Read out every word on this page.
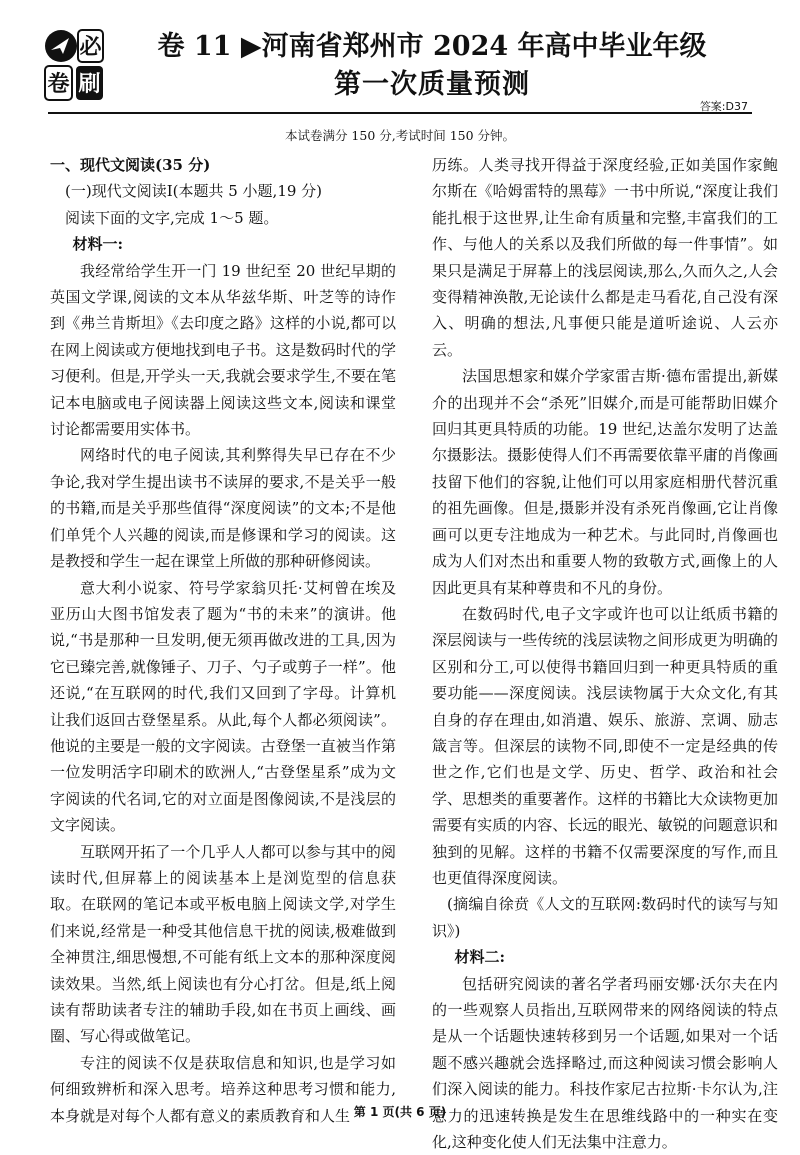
必
卷 刷
卷 11 ▶河南省郑州市 2024 年高中毕业年级
第一次质量预测
答案:D37
本试卷满分 150 分,考试时间 150 分钟。

一、现代文阅读(35 分)

(一)现代文阅读Ⅰ(本题共 5 小题,19 分)

阅读下面的文字,完成 1～5 题。

材料一:

我经常给学生开一门 19 世纪至 20 世纪早期的英国文学课,阅读的文本从华兹华斯、叶芝等的诗作到《弗兰肯斯坦》《去印度之路》这样的小说,都可以在网上阅读或方便地找到电子书。这是数码时代的学习便利。但是,开学头一天,我就会要求学生,不要在笔记本电脑或电子阅读器上阅读这些文本,阅读和课堂讨论都需要用实体书。

网络时代的电子阅读,其利弊得失早已存在不少争论,我对学生提出读书不读屏的要求,不是关乎一般的书籍,而是关乎那些值得“深度阅读”的文本;不是他们单凭个人兴趣的阅读,而是修课和学习的阅读。这是教授和学生一起在课堂上所做的那种研修阅读。

意大利小说家、符号学家翁贝托·艾柯曾在埃及亚历山大图书馆发表了题为“书的未来”的演讲。他说,“书是那种一旦发明,便无须再做改进的工具,因为它已臻完善,就像锤子、刀子、勺子或剪子一样”。他还说,“在互联网的时代,我们又回到了字母。计算机让我们返回古登堡星系。从此,每个人都必须阅读”。他说的主要是一般的文字阅读。古登堡一直被当作第一位发明活字印刷术的欧洲人,“古登堡星系”成为文字阅读的代名词,它的对立面是图像阅读,不是浅层的文字阅读。

互联网开拓了一个几乎人人都可以参与其中的阅读时代,但屏幕上的阅读基本上是浏览型的信息获取。在联网的笔记本或平板电脑上阅读文学,对学生们来说,经常是一种受其他信息干扰的阅读,极难做到全神贯注,细思慢想,不可能有纸上文本的那种深度阅读效果。当然,纸上阅读也有分心打岔。但是,纸上阅读有帮助读者专注的辅助手段,如在书页上画线、画圈、写心得或做笔记。

专注的阅读不仅是获取信息和知识,也是学习如何细致辨析和深入思考。培养这种思考习惯和能力,本身就是对每个人都有意义的素质教育和人生

历练。人类寻找开得益于深度经验,正如美国作家鲍尔斯在《哈姆雷特的黑莓》一书中所说,“深度让我们能扎根于这世界,让生命有质量和完整,丰富我们的工作、与他人的关系以及我们所做的每一件事情”。如果只是满足于屏幕上的浅层阅读,那么,久而久之,人会变得精神涣散,无论读什么都是走马看花,自己没有深入、明确的想法,凡事便只能是道听途说、人云亦云。

法国思想家和媒介学家雷吉斯·德布雷提出,新媒介的出现并不会“杀死”旧媒介,而是可能帮助旧媒介回归其更具特质的功能。19 世纪,达盖尔发明了达盖尔摄影法。摄影使得人们不再需要依靠平庸的肖像画技留下他们的容貌,让他们可以用家庭相册代替沉重的祖先画像。但是,摄影并没有杀死肖像画,它让肖像画可以更专注地成为一种艺术。与此同时,肖像画也成为人们对杰出和重要人物的致敬方式,画像上的人因此更具有某种尊贵和不凡的身份。

在数码时代,电子文字或许也可以让纸质书籍的深层阅读与一些传统的浅层读物之间形成更为明确的区别和分工,可以使得书籍回归到一种更具特质的重要功能——深度阅读。浅层读物属于大众文化,有其自身的存在理由,如消遣、娱乐、旅游、烹调、励志箴言等。但深层的读物不同,即使不一定是经典的传世之作,它们也是文学、历史、哲学、政治和社会学、思想类的重要著作。这样的书籍比大众读物更加需要有实质的内容、长远的眼光、敏锐的问题意识和独到的见解。这样的书籍不仅需要深度的写作,而且也更值得深度阅读。

(摘编自徐贲《人文的互联网:数码时代的读写与知识》)

材料二:

包括研究阅读的著名学者玛丽安娜·沃尔夫在内的一些观察人员指出,互联网带来的网络阅读的特点是从一个话题快速转移到另一个话题,如果对一个话题不感兴趣就会选择略过,而这种阅读习惯会影响人们深入阅读的能力。科技作家尼古拉斯·卡尔认为,注意力的迅速转换是发生在思维线路中的一种实在变化,这种变化使人们无法集中注意力。

第 1 页(共 6 页)
